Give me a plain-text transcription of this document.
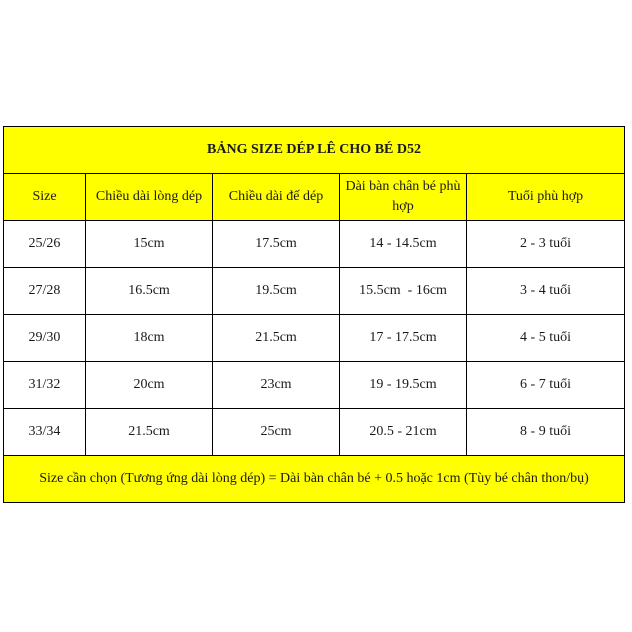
BẢNG SIZE DÉP LÊ CHO BÉ D52				
Size	Chiều dài lòng dép	Chiều dài đế dép	Dài bàn chân bé phù hợp	Tuổi phù hợp
25/26	15cm	17.5cm	14 - 14.5cm	2 - 3 tuổi
27/28	16.5cm	19.5cm	15.5cm  - 16cm	3 - 4 tuổi
29/30	18cm	21.5cm	17 - 17.5cm	4 - 5 tuổi
31/32	20cm	23cm	19 - 19.5cm	6 - 7 tuổi
33/34	21.5cm	25cm	20.5 - 21cm	8 - 9 tuổi
Size cần chọn (Tương ứng dài lòng dép) = Dài bàn chân bé + 0.5 hoặc 1cm (Tùy bé chân thon/bụ)				
